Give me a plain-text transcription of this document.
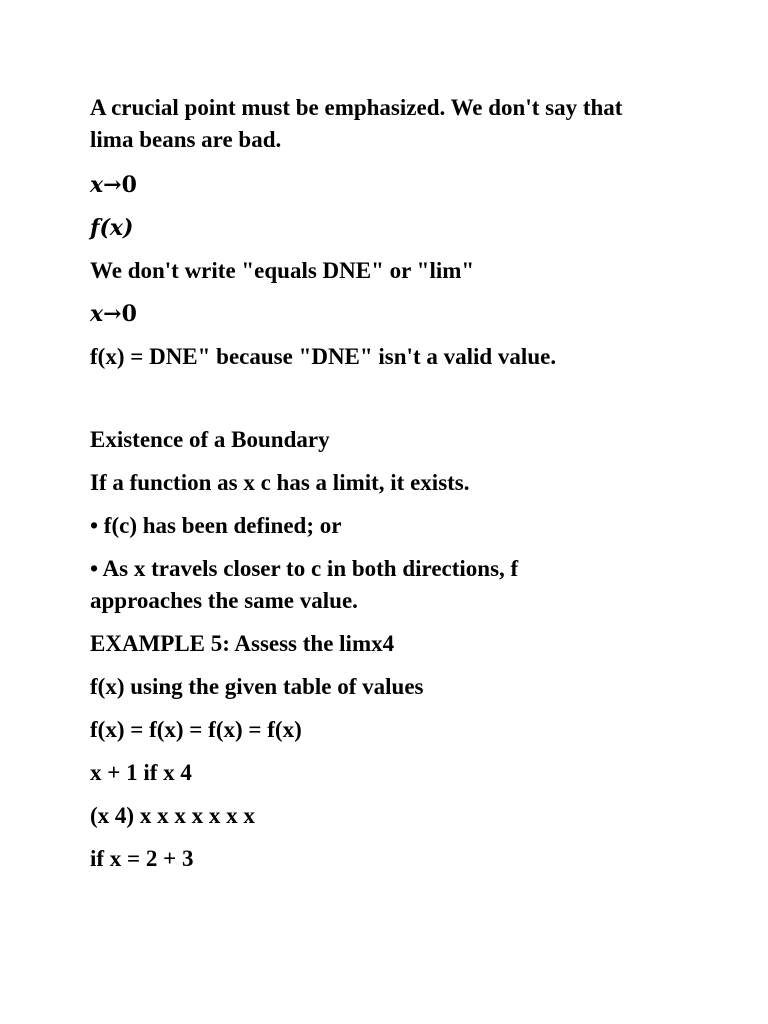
A crucial point must be emphasized. We don't say that
lima beans are bad.
𝒙→0
𝒇(𝒙)
We don't write "equals DNE" or "lim"
𝒙→0
f(x) = DNE" because "DNE" isn't a valid value.
Existence of a Boundary
If a function as x c has a limit, it exists.
• f(c) has been defined; or
• As x travels closer to c in both directions, f
approaches the same value.
EXAMPLE 5: Assess the limx4
f(x) using the given table of values
f(x) = f(x) = f(x) = f(x)
x + 1 if x 4
(x 4) x x x x x x x
if x = 2 + 3
